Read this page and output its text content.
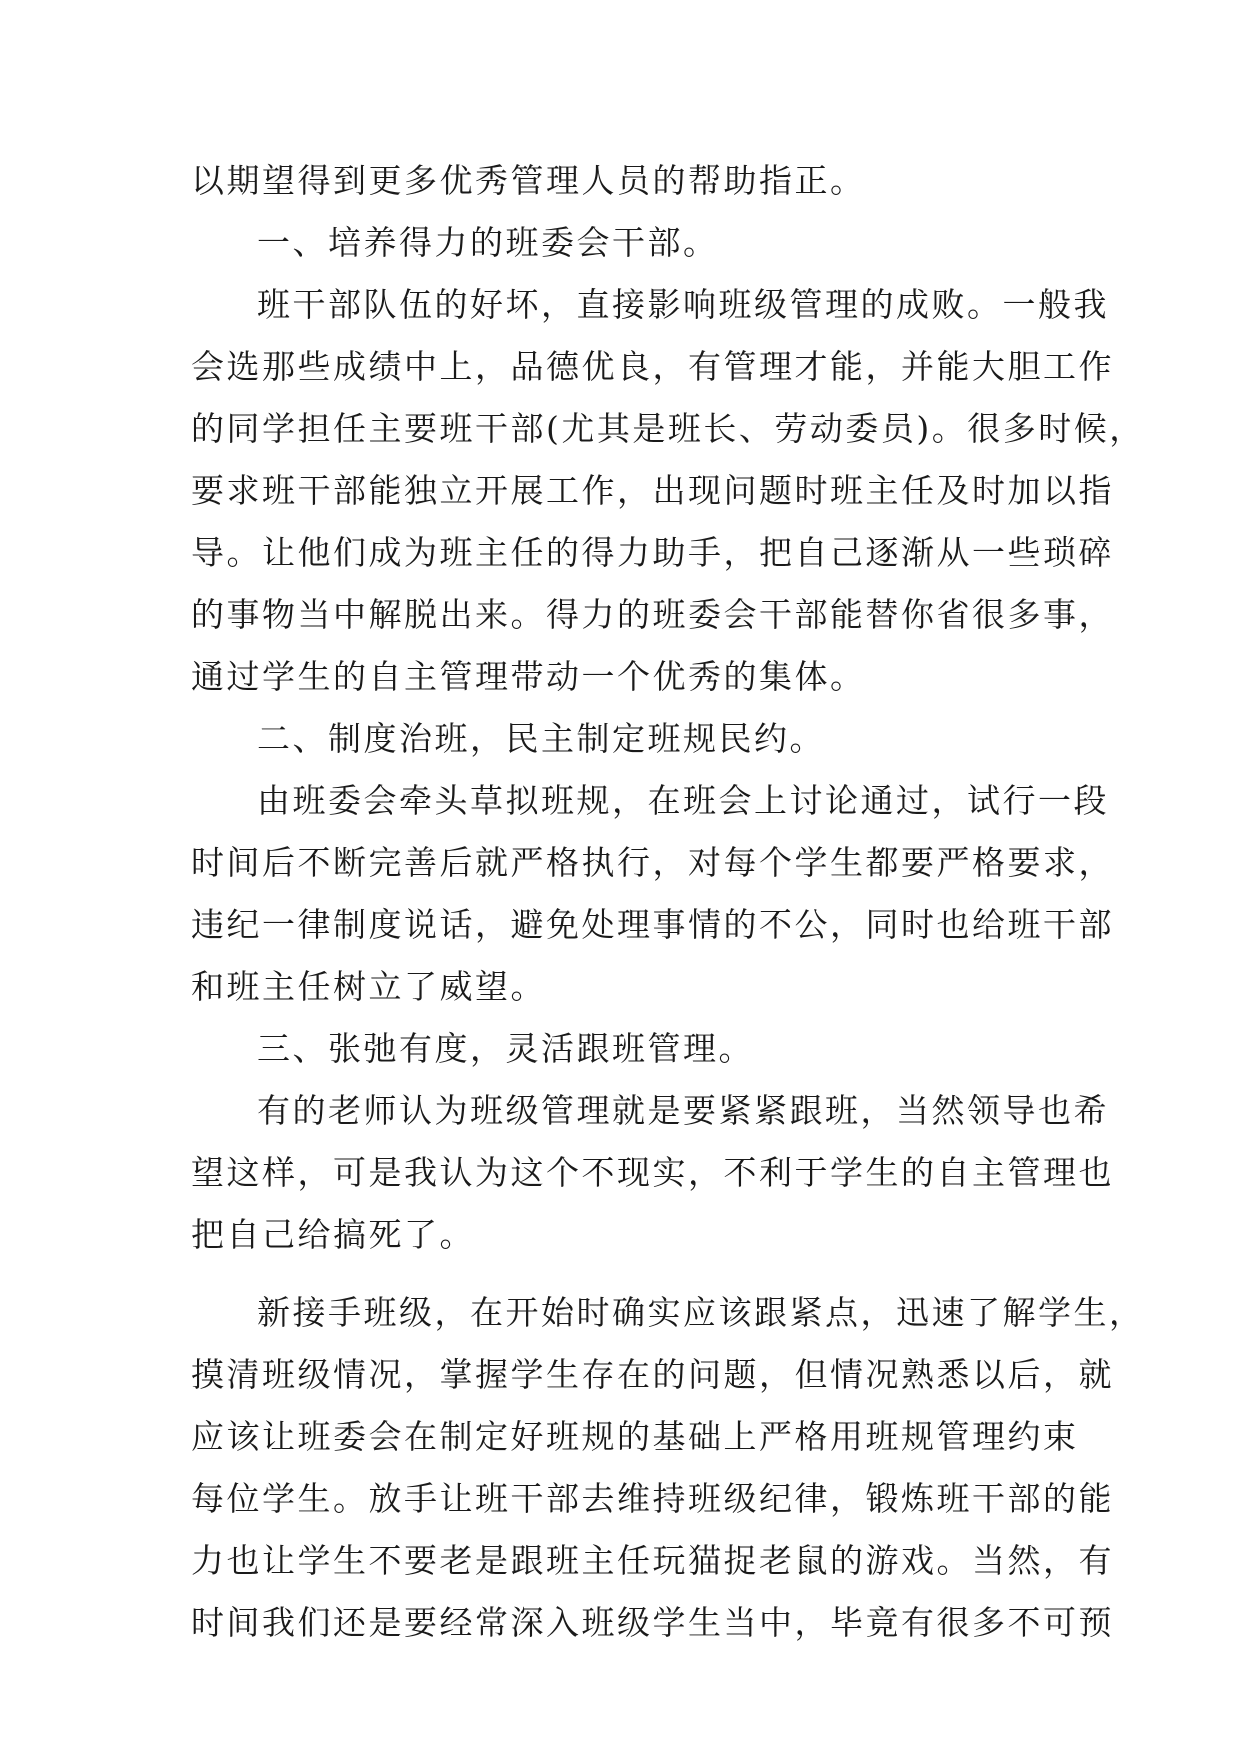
以期望得到更多优秀管理人员的帮助指正。
一、培养得力的班委会干部。
班干部队伍的好坏，直接影响班级管理的成败。一般我
会选那些成绩中上，品德优良，有管理才能，并能大胆工作
的同学担任主要班干部(尤其是班长、劳动委员)。很多时候，
要求班干部能独立开展工作，出现问题时班主任及时加以指
导。让他们成为班主任的得力助手，把自己逐渐从一些琐碎
的事物当中解脱出来。得力的班委会干部能替你省很多事，
通过学生的自主管理带动一个优秀的集体。
二、制度治班，民主制定班规民约。
由班委会牵头草拟班规，在班会上讨论通过，试行一段
时间后不断完善后就严格执行，对每个学生都要严格要求，
违纪一律制度说话，避免处理事情的不公，同时也给班干部
和班主任树立了威望。
三、张弛有度，灵活跟班管理。
有的老师认为班级管理就是要紧紧跟班，当然领导也希
望这样，可是我认为这个不现实，不利于学生的自主管理也
把自己给搞死了。
新接手班级，在开始时确实应该跟紧点，迅速了解学生，
摸清班级情况，掌握学生存在的问题，但情况熟悉以后，就
应该让班委会在制定好班规的基础上严格用班规管理约束
每位学生。放手让班干部去维持班级纪律，锻炼班干部的能
力也让学生不要老是跟班主任玩猫捉老鼠的游戏。当然，有
时间我们还是要经常深入班级学生当中，毕竟有很多不可预
